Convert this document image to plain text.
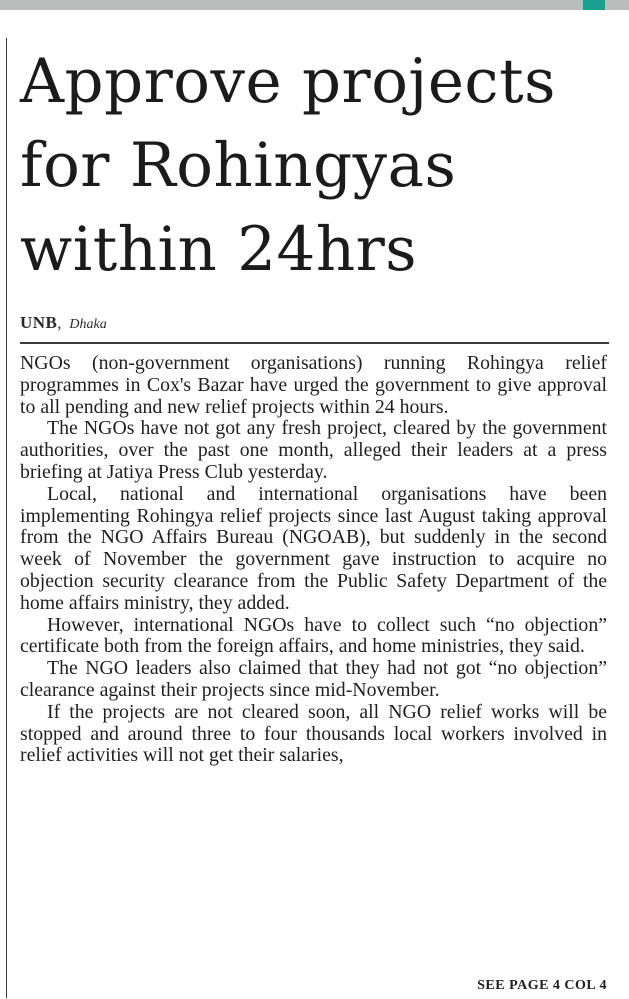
Approve projects
for Rohingyas
within 24hrs
UNB, Dhaka

NGOs (non-government organisations) running Rohingya relief programmes in Cox's Bazar have urged the government to give approval to all pending and new relief projects within 24 hours.

The NGOs have not got any fresh project, cleared by the government authorities, over the past one month, alleged their leaders at a press briefing at Jatiya Press Club yesterday.

Local, national and international organisations have been implementing Rohingya relief projects since last August taking approval from the NGO Affairs Bureau (NGOAB), but suddenly in the second week of November the government gave instruction to acquire no objection security clearance from the Public Safety Department of the home affairs ministry, they added.

However, international NGOs have to collect such “no objection” certificate both from the foreign affairs, and home ministries, they said.

The NGO leaders also claimed that they had not got “no objection” clearance against their projects since mid-November.

If the projects are not cleared soon, all NGO relief works will be stopped and around three to four thousands local workers involved in relief activities will not get their salaries,

SEE PAGE 4 COL 4
